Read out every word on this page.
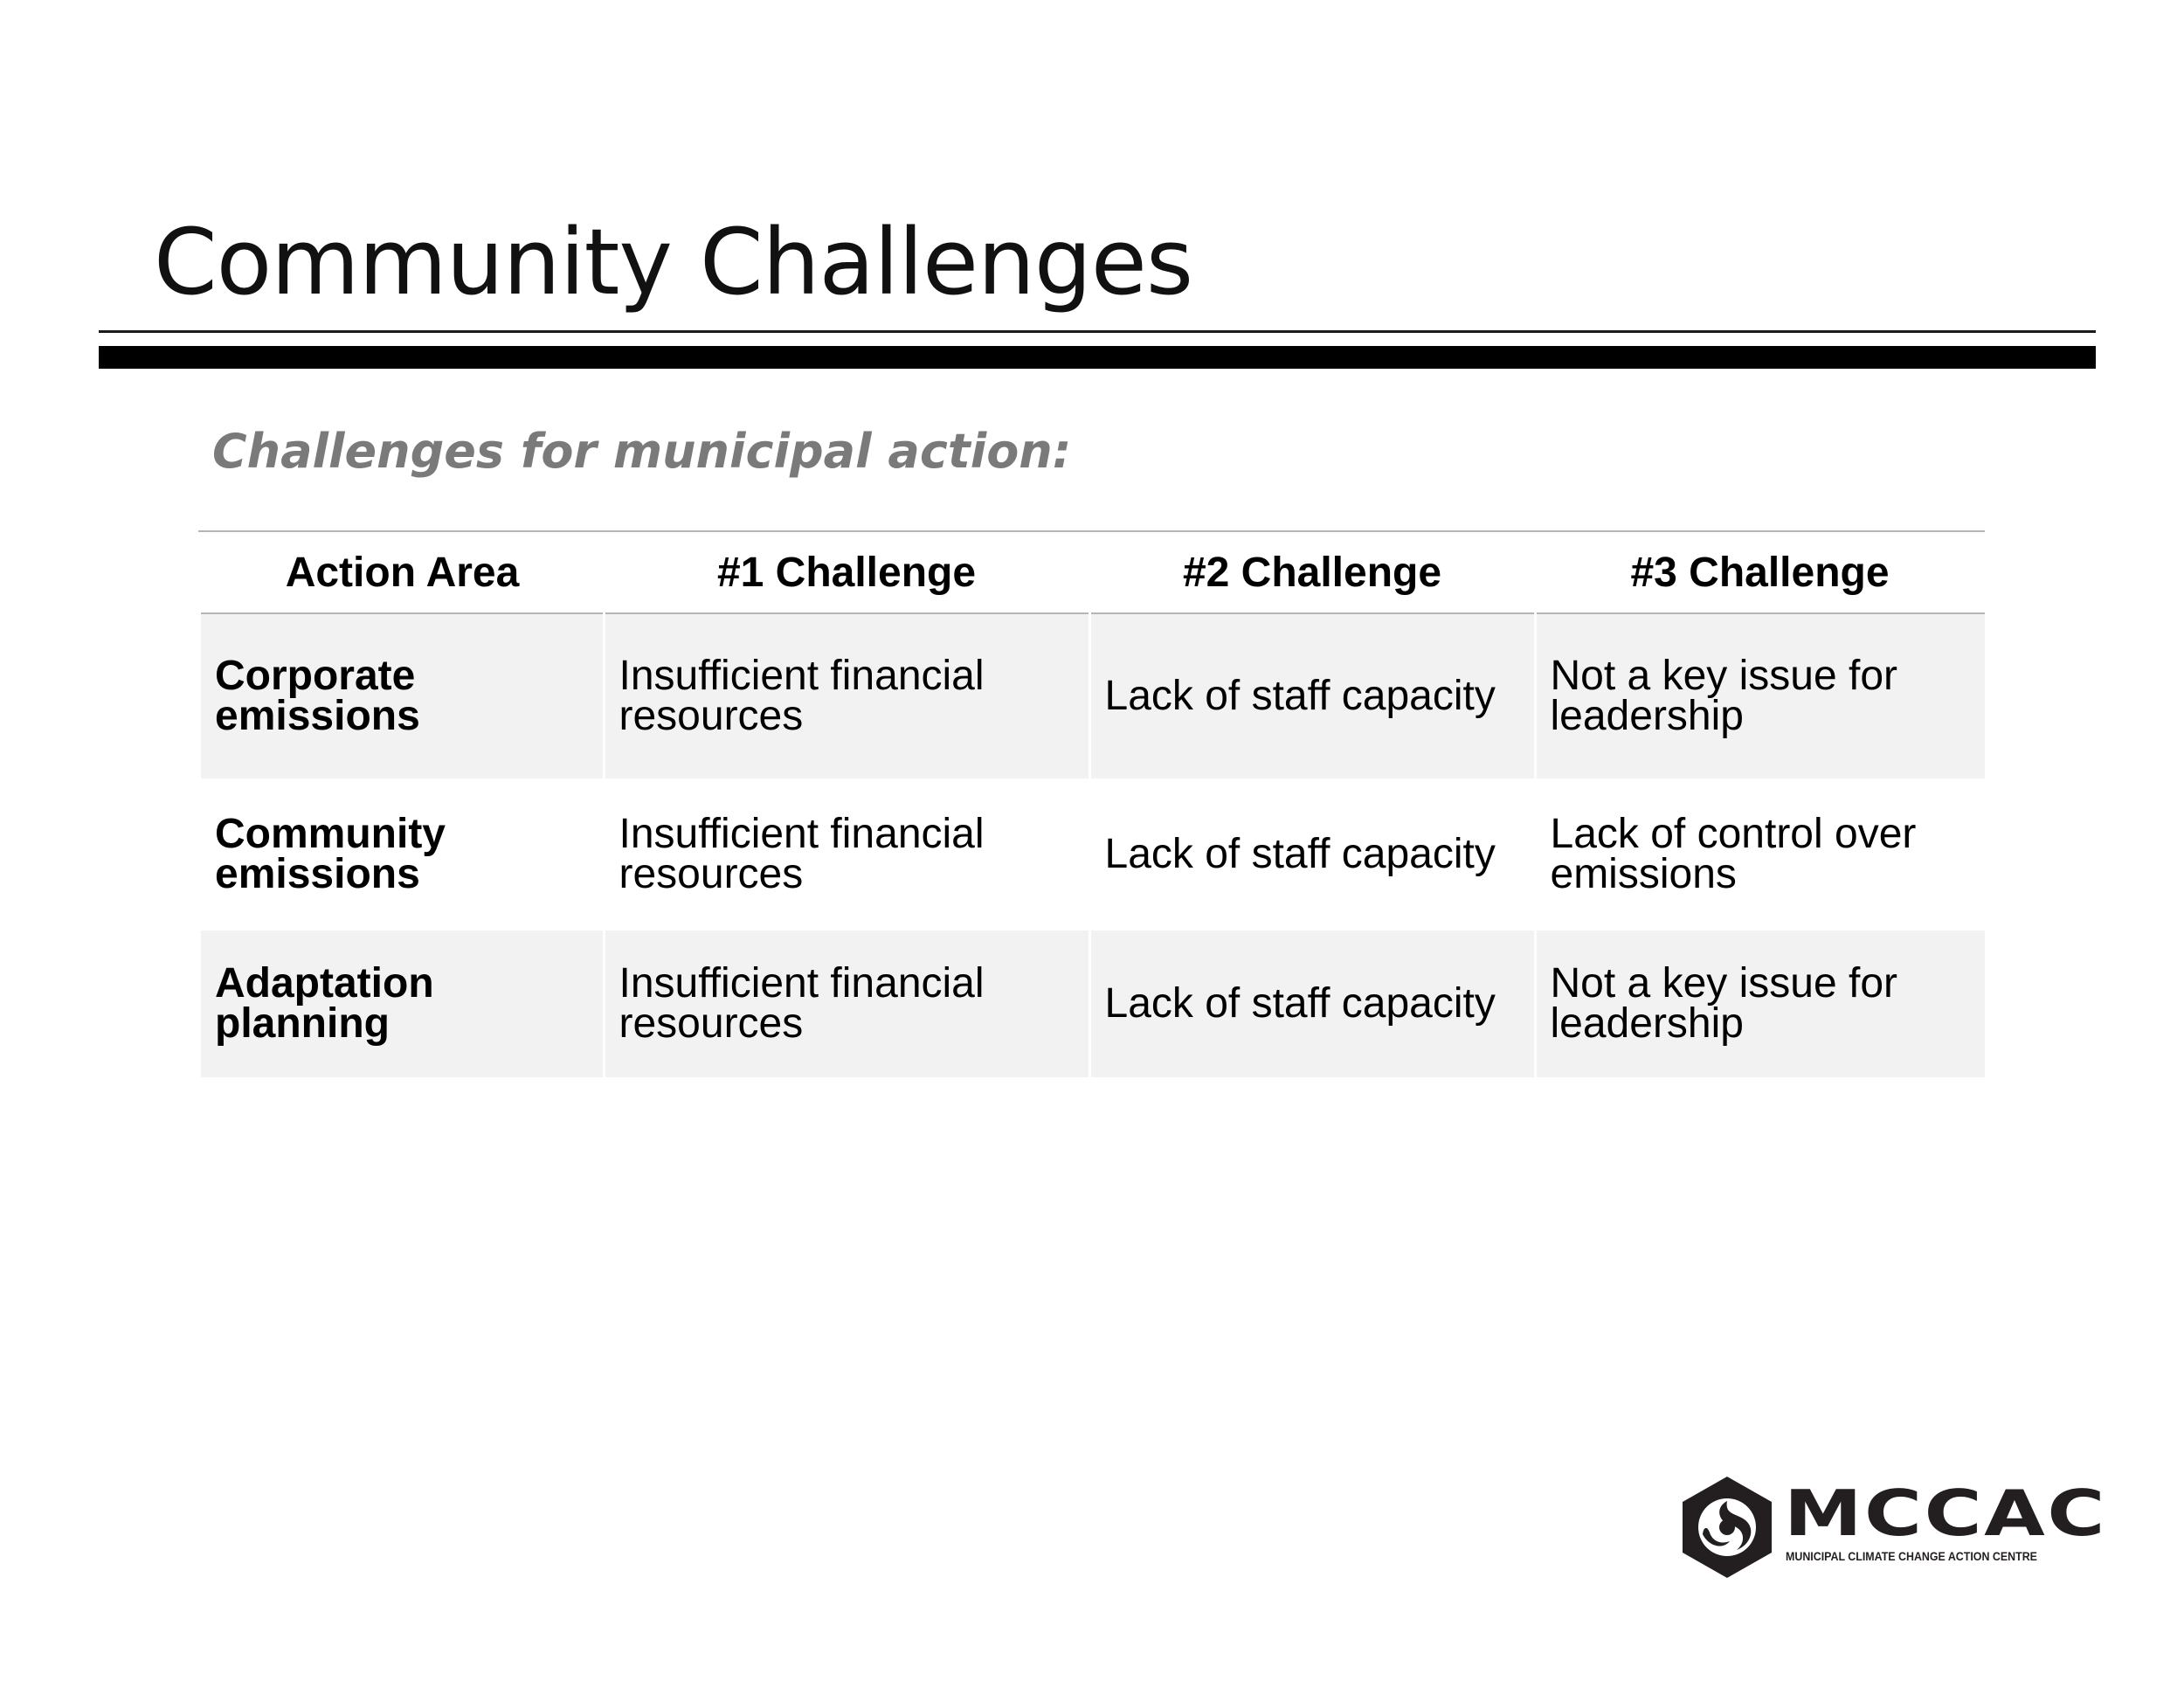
Community Challenges
Challenges for municipal action:
Action Area	#1 Challenge	#2 Challenge	#3 Challenge
Corporate emissions	Insufficient financial resources	Lack of staff capacity	Not a key issue for leadership
Community emissions	Insufficient financial resources	Lack of staff capacity	Lack of control over emissions
Adaptation planning	Insufficient financial resources	Lack of staff capacity	Not a key issue for leadership
MCCAC
MUNICIPAL CLIMATE CHANGE ACTION CENTRE
